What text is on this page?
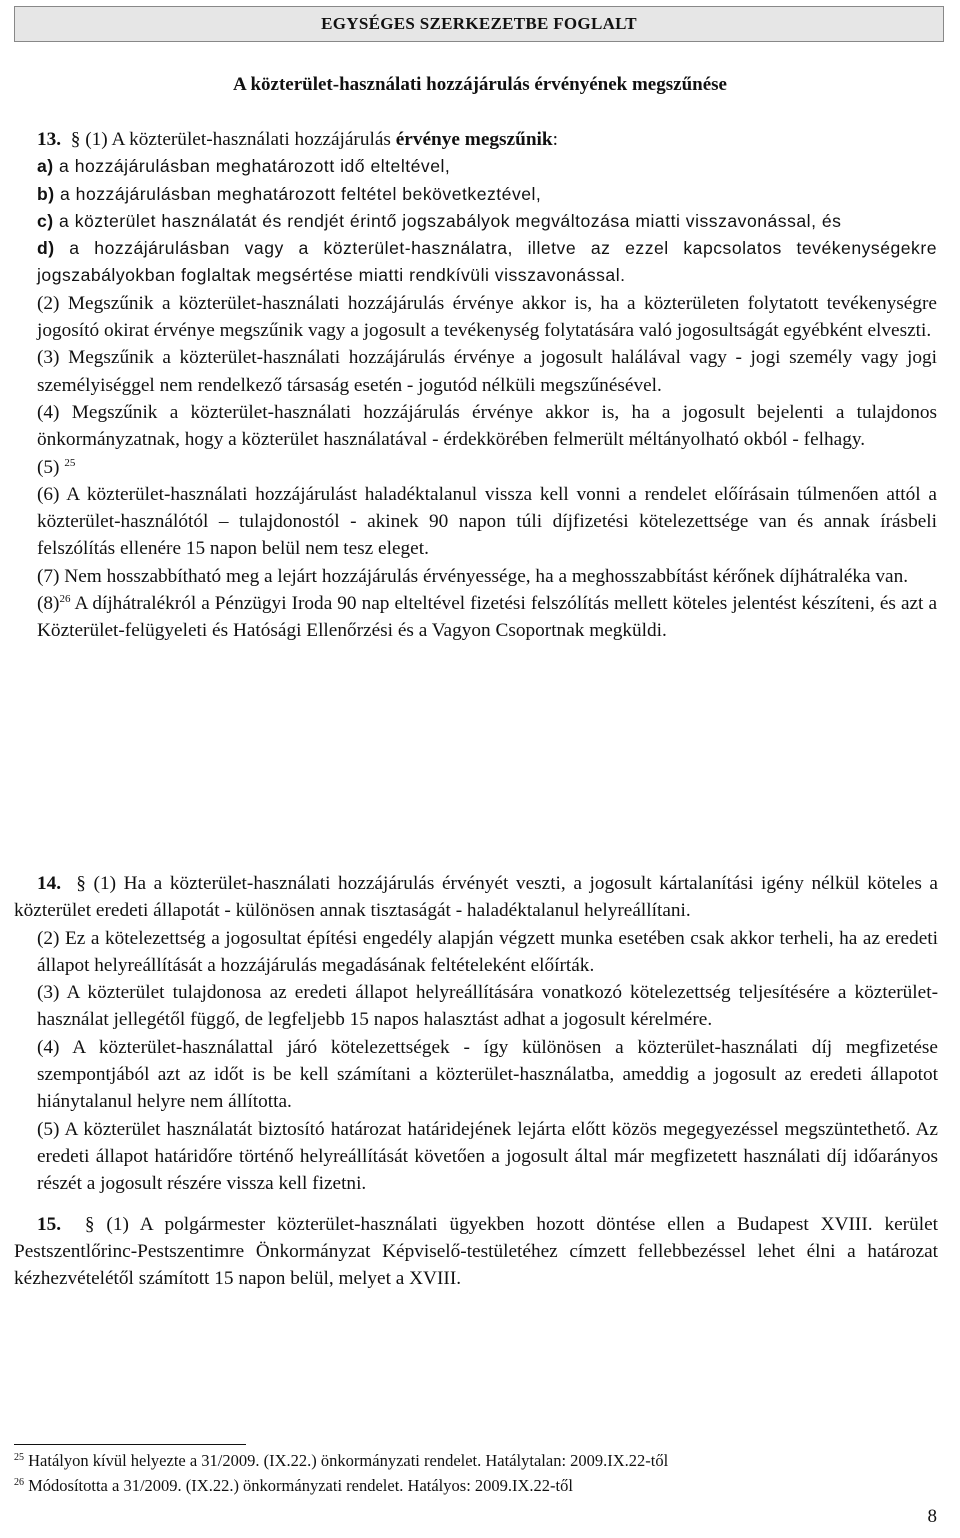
EGYSÉGES SZERKEZETBE FOGLALT
A közterület-használati hozzájárulás érvényének megszűnése

13. § (1) A közterület-használati hozzájárulás érvénye megszűnik:

a) a hozzájárulásban meghatározott idő elteltével,

b) a hozzájárulásban meghatározott feltétel bekövetkeztével,

c) a közterület használatát és rendjét érintő jogszabályok megváltozása miatti visszavonással, és

d) a hozzájárulásban vagy a közterület-használatra, illetve az ezzel kapcsolatos tevékenységekre jogszabályokban foglaltak megsértése miatti rendkívüli visszavonással.

(2) Megszűnik a közterület-használati hozzájárulás érvénye akkor is, ha a közterületen folytatott tevékenységre jogosító okirat érvénye megszűnik vagy a jogosult a tevékenység folytatására való jogosultságát egyébként elveszti.

(3) Megszűnik a közterület-használati hozzájárulás érvénye a jogosult halálával vagy - jogi személy vagy jogi személyiséggel nem rendelkező társaság esetén - jogutód nélküli megszűnésével.

(4) Megszűnik a közterület-használati hozzájárulás érvénye akkor is, ha a jogosult bejelenti a tulajdonos önkormányzatnak, hogy a közterület használatával - érdekkörében felmerült méltányolható okból - felhagy.

(5) $^{25}$

(6) A közterület-használati hozzájárulást haladéktalanul vissza kell vonni a rendelet előírásain túlmenően attól a közterület-használótól – tulajdonostól - akinek 90 napon túli díjfizetési kötelezettsége van és annak írásbeli felszólítás ellenére 15 napon belül nem tesz eleget.

(7) Nem hosszabbítható meg a lejárt hozzájárulás érvényessége, ha a meghosszabbítást kérőnek díjhátraléka van.

$(8)^{26}$ A díjhátralékról a Pénzügyi Iroda 90 nap elteltével fizetési felszólítás mellett köteles jelentést készíteni, és azt a Közterület-felügyeleti és Hatósági Ellenőrzési és a Vagyon Csoportnak megküldi.

14. § (1) Ha a közterület-használati hozzájárulás érvényét veszti, a jogosult kártalanítási igény nélkül köteles a közterület eredeti állapotát - különösen annak tisztaságát - haladéktalanul helyreállítani.

(2) Ez a kötelezettség a jogosultat építési engedély alapján végzett munka esetében csak akkor terheli, ha az eredeti állapot helyreállítását a hozzájárulás megadásának feltételeként előírták.

(3) A közterület tulajdonosa az eredeti állapot helyreállítására vonatkozó kötelezettség teljesítésére a közterület-használat jellegétől függő, de legfeljebb 15 napos halasztást adhat a jogosult kérelmére.

(4) A közterület-használattal járó kötelezettségek - így különösen a közterület-használati díj megfizetése szempontjából azt az időt is be kell számítani a közterület-használatba, ameddig a jogosult az eredeti állapotot hiánytalanul helyre nem állította.

(5) A közterület használatát biztosító határozat határidejének lejárta előtt közös megegyezéssel megszüntethető. Az eredeti állapot határidőre történő helyreállítását követően a jogosult által már megfizetett használati díj időarányos részét a jogosult részére vissza kell fizetni.

15. § (1) A polgármester közterület-használati ügyekben hozott döntése ellen a Budapest XVIII. kerület Pestszentlőrinc-Pestszentimre Önkormányzat Képviselő-testületéhez címzett fellebbezéssel lehet élni a határozat kézhezvételétől számított 15 napon belül, melyet a XVIII.

$^{25}$ Hatályon kívül helyezte a 31/2009. (IX.22.) önkormányzati rendelet. Hatálytalan: 2009.IX.22-től
$^{26}$ Módosította a 31/2009. (IX.22.) önkormányzati rendelet. Hatályos: 2009.IX.22-től
8
